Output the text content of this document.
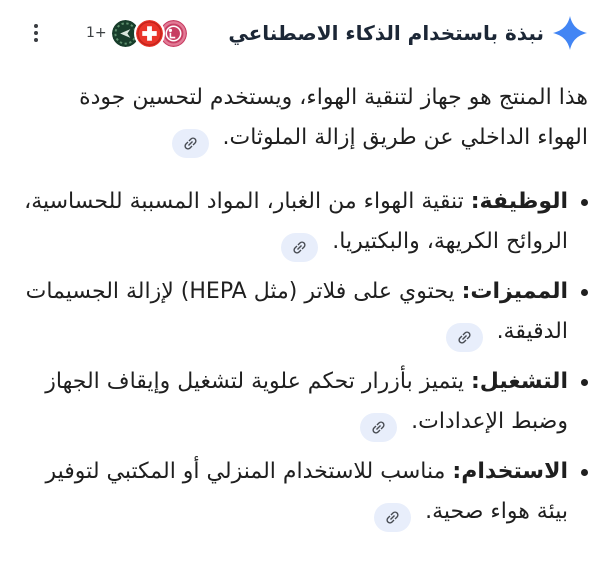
نبذة باستخدام الذكاء الاصطناعي
+1

هذا المنتج هو جهاز لتنقية الهواء، ويستخدم لتحسين جودة الهواء الداخلي عن طريق إزالة الملوثات.

الوظيفة: تنقية الهواء من الغبار، المواد المسببة للحساسية، الروائح الكريهة، والبكتيريا.
المميزات: يحتوي على فلاتر (مثل HEPA) لإزالة الجسيمات الدقيقة.
التشغيل: يتميز بأزرار تحكم علوية لتشغيل وإيقاف الجهاز وضبط الإعدادات.
الاستخدام: مناسب للاستخدام المنزلي أو المكتبي لتوفير بيئة هواء صحية.
